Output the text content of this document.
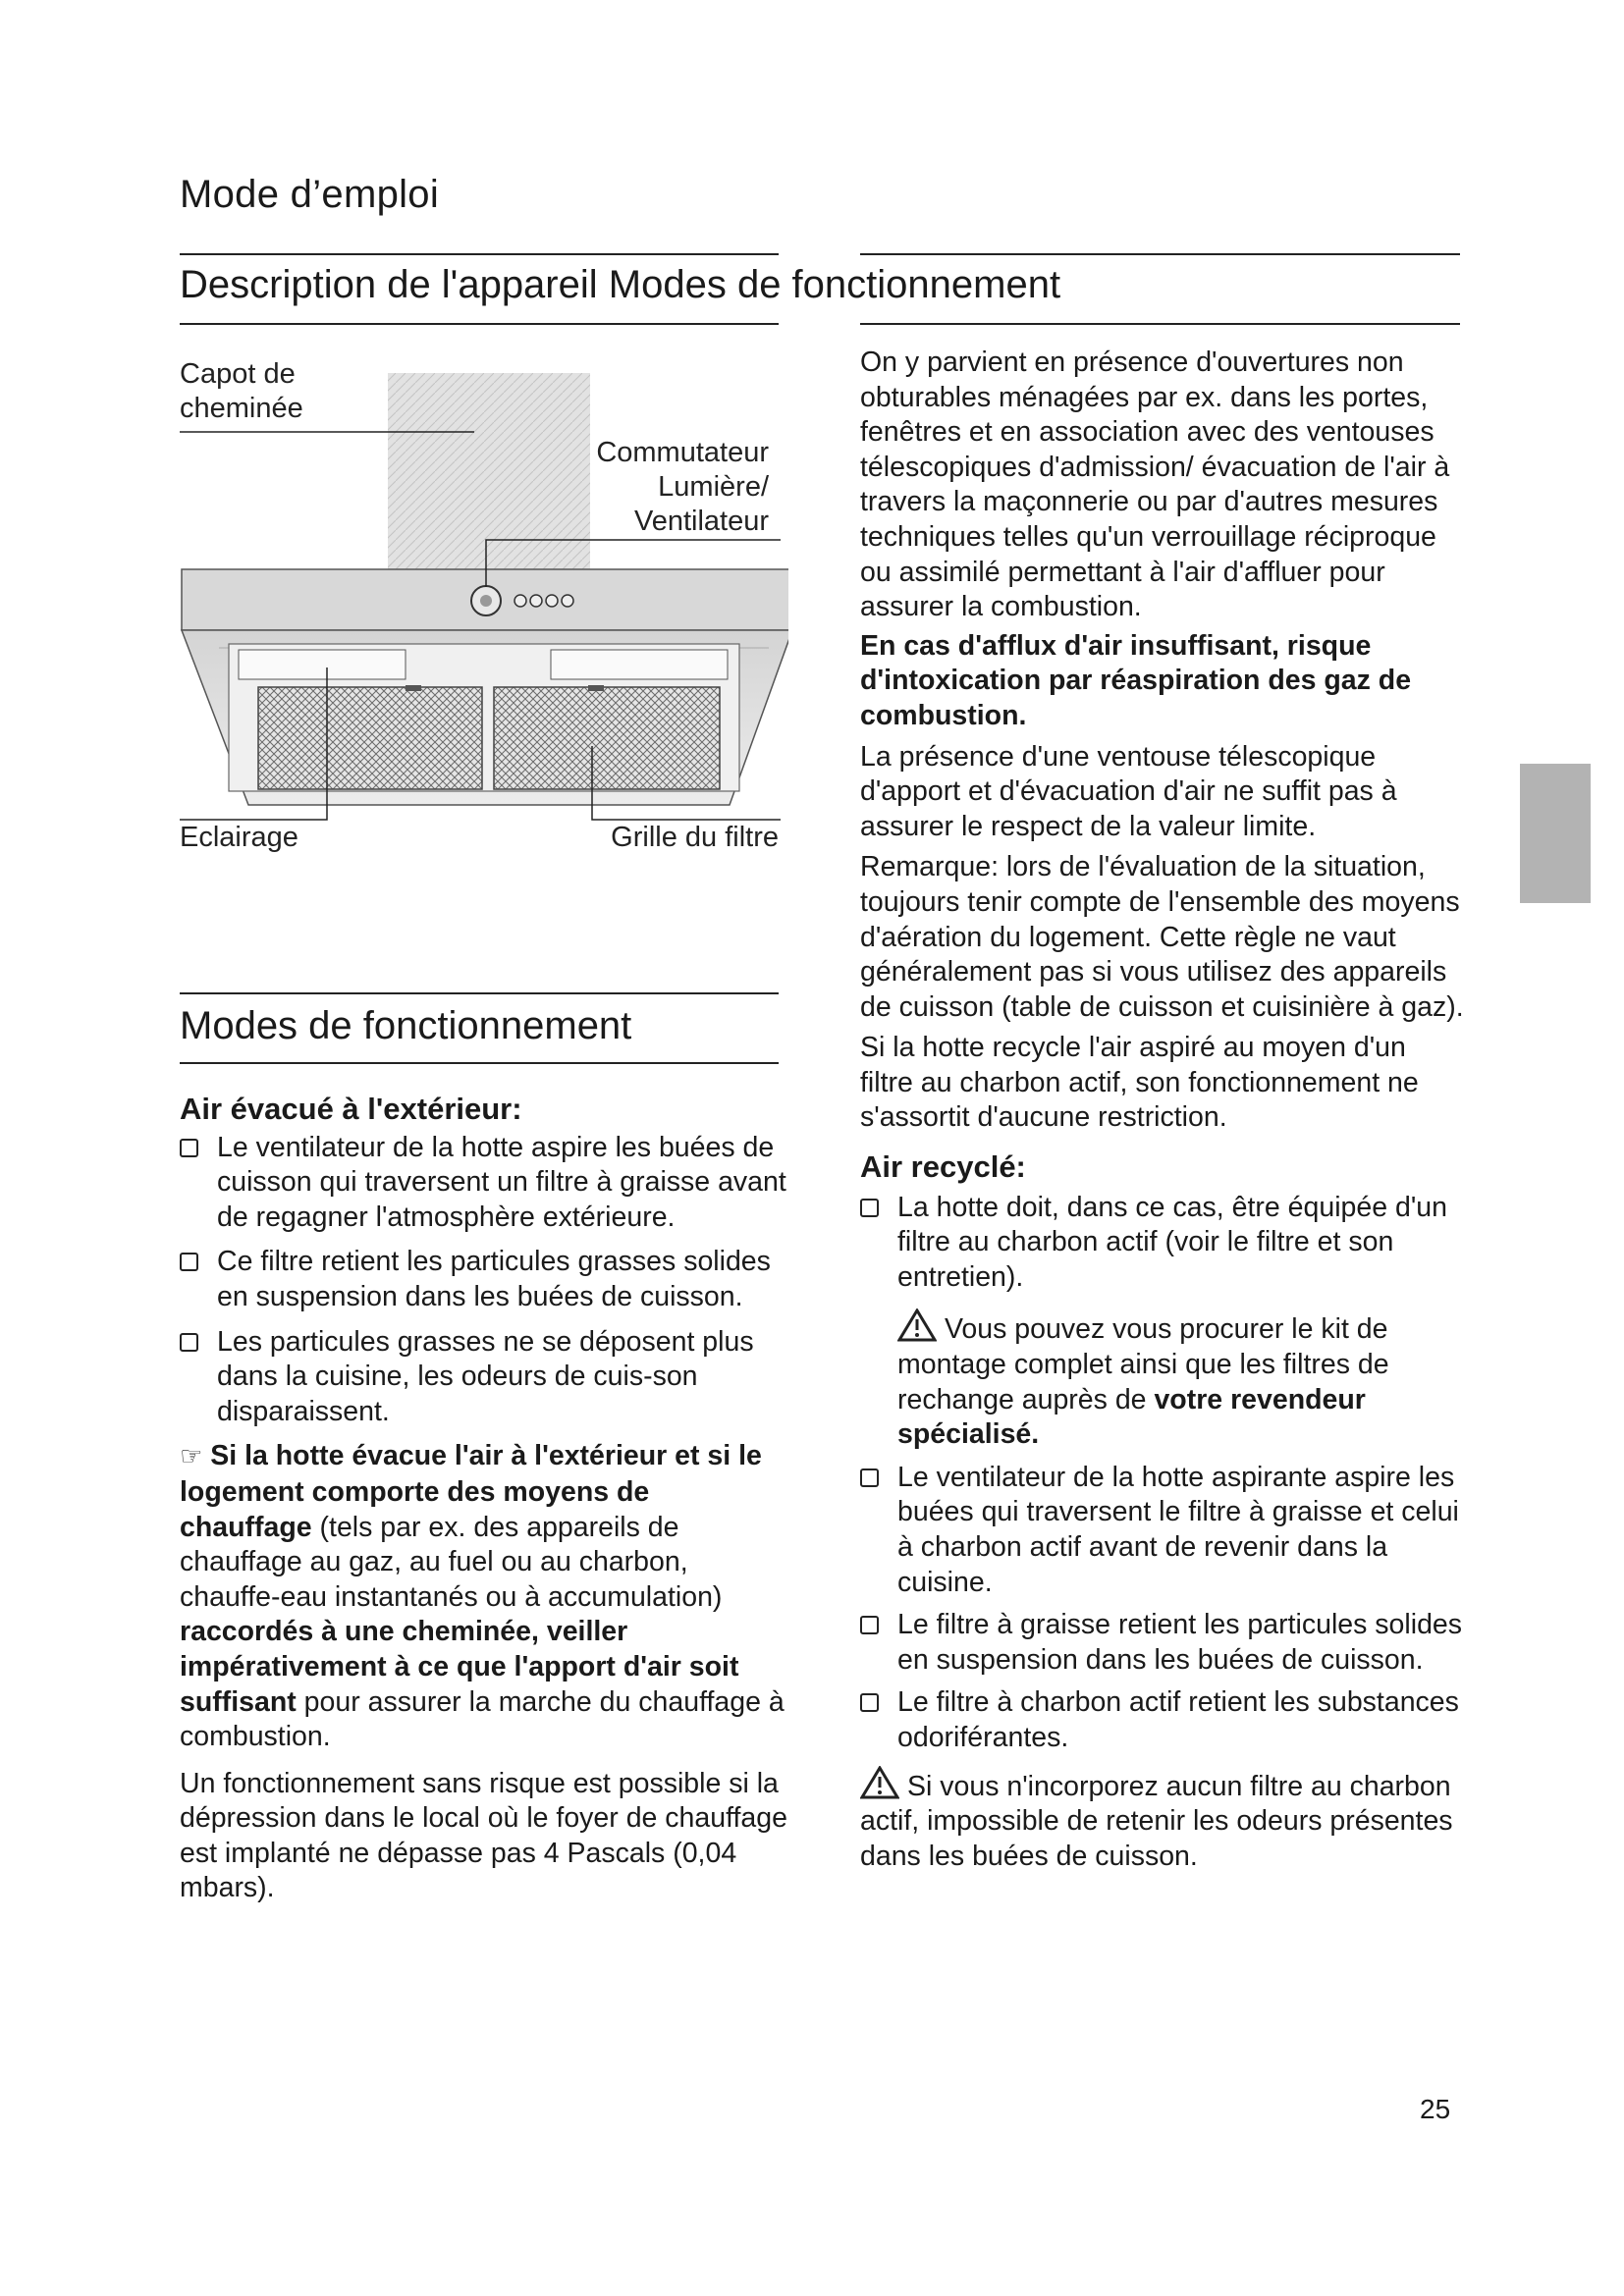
Mode d’emploi
Description de l'appareil Modes de fonctionnement
Capot de
cheminée
Commutateur
Lumière/
Ventilateur
Eclairage	Grille du filtre
Modes de fonctionnement
Air évacué à l'extérieur:
Le ventilateur de la hotte aspire les buées de cuisson qui traversent un filtre à graisse avant de regagner l'atmosphère extérieure.
Ce filtre retient les particules grasses solides en suspension dans les buées de cuisson.
Les particules grasses ne se déposent plus dans la cuisine, les odeurs de cuis-son disparaissent.

☞ Si la hotte évacue l'air à l'extérieur et si le logement comporte des moyens de chauffage (tels par ex. des appareils de chauffage au gaz, au fuel ou au charbon, chauffe-eau instantanés ou à accumulation) raccordés à une cheminée, veiller impérativement à ce que l'apport d'air soit suffisant pour assurer la marche du chauffage à combustion.

Un fonctionnement sans risque est possible si la dépression dans le local où le foyer de chauffage est implanté ne dépasse pas 4 Pascals (0,04 mbars).

On y parvient en présence d'ouvertures non obturables ménagées par ex. dans les portes, fenêtres et en association avec des ventouses télescopiques d'admission/ évacuation de l'air à travers la maçonnerie ou par d'autres mesures techniques telles qu'un verrouillage réciproque ou assimilé permettant à l'air d'affluer pour assurer la combustion.

En cas d'afflux d'air insuffisant, risque d'intoxication par réaspiration des gaz de combustion.

La présence d'une ventouse télescopique d'apport et d'évacuation d'air ne suffit pas à assurer le respect de la valeur limite.

Remarque: lors de l'évaluation de la situation, toujours tenir compte de l'ensemble des moyens d'aération du logement. Cette règle ne vaut généralement pas si vous utilisez des appareils de cuisson (table de cuisson et cuisinière à gaz).

Si la hotte recycle l'air aspiré au moyen d'un filtre au charbon actif, son fonctionnement ne s'assortit d'aucune restriction.

Air recyclé:
La hotte doit, dans ce cas, être équipée d'un filtre au charbon actif (voir le filtre et son entretien).

Vous pouvez vous procurer le kit de montage complet ainsi que les filtres de rechange auprès de votre revendeur spécialisé.

Le ventilateur de la hotte aspirante aspire les buées qui traversent le filtre à graisse et celui à charbon actif avant de revenir dans la cuisine.
Le filtre à graisse retient les particules solides en suspension dans les buées de cuisson.
Le filtre à charbon actif retient les substances odoriférantes.

Si vous n'incorporez aucun filtre au charbon actif, impossible de retenir les odeurs présentes dans les buées de cuisson.

25
